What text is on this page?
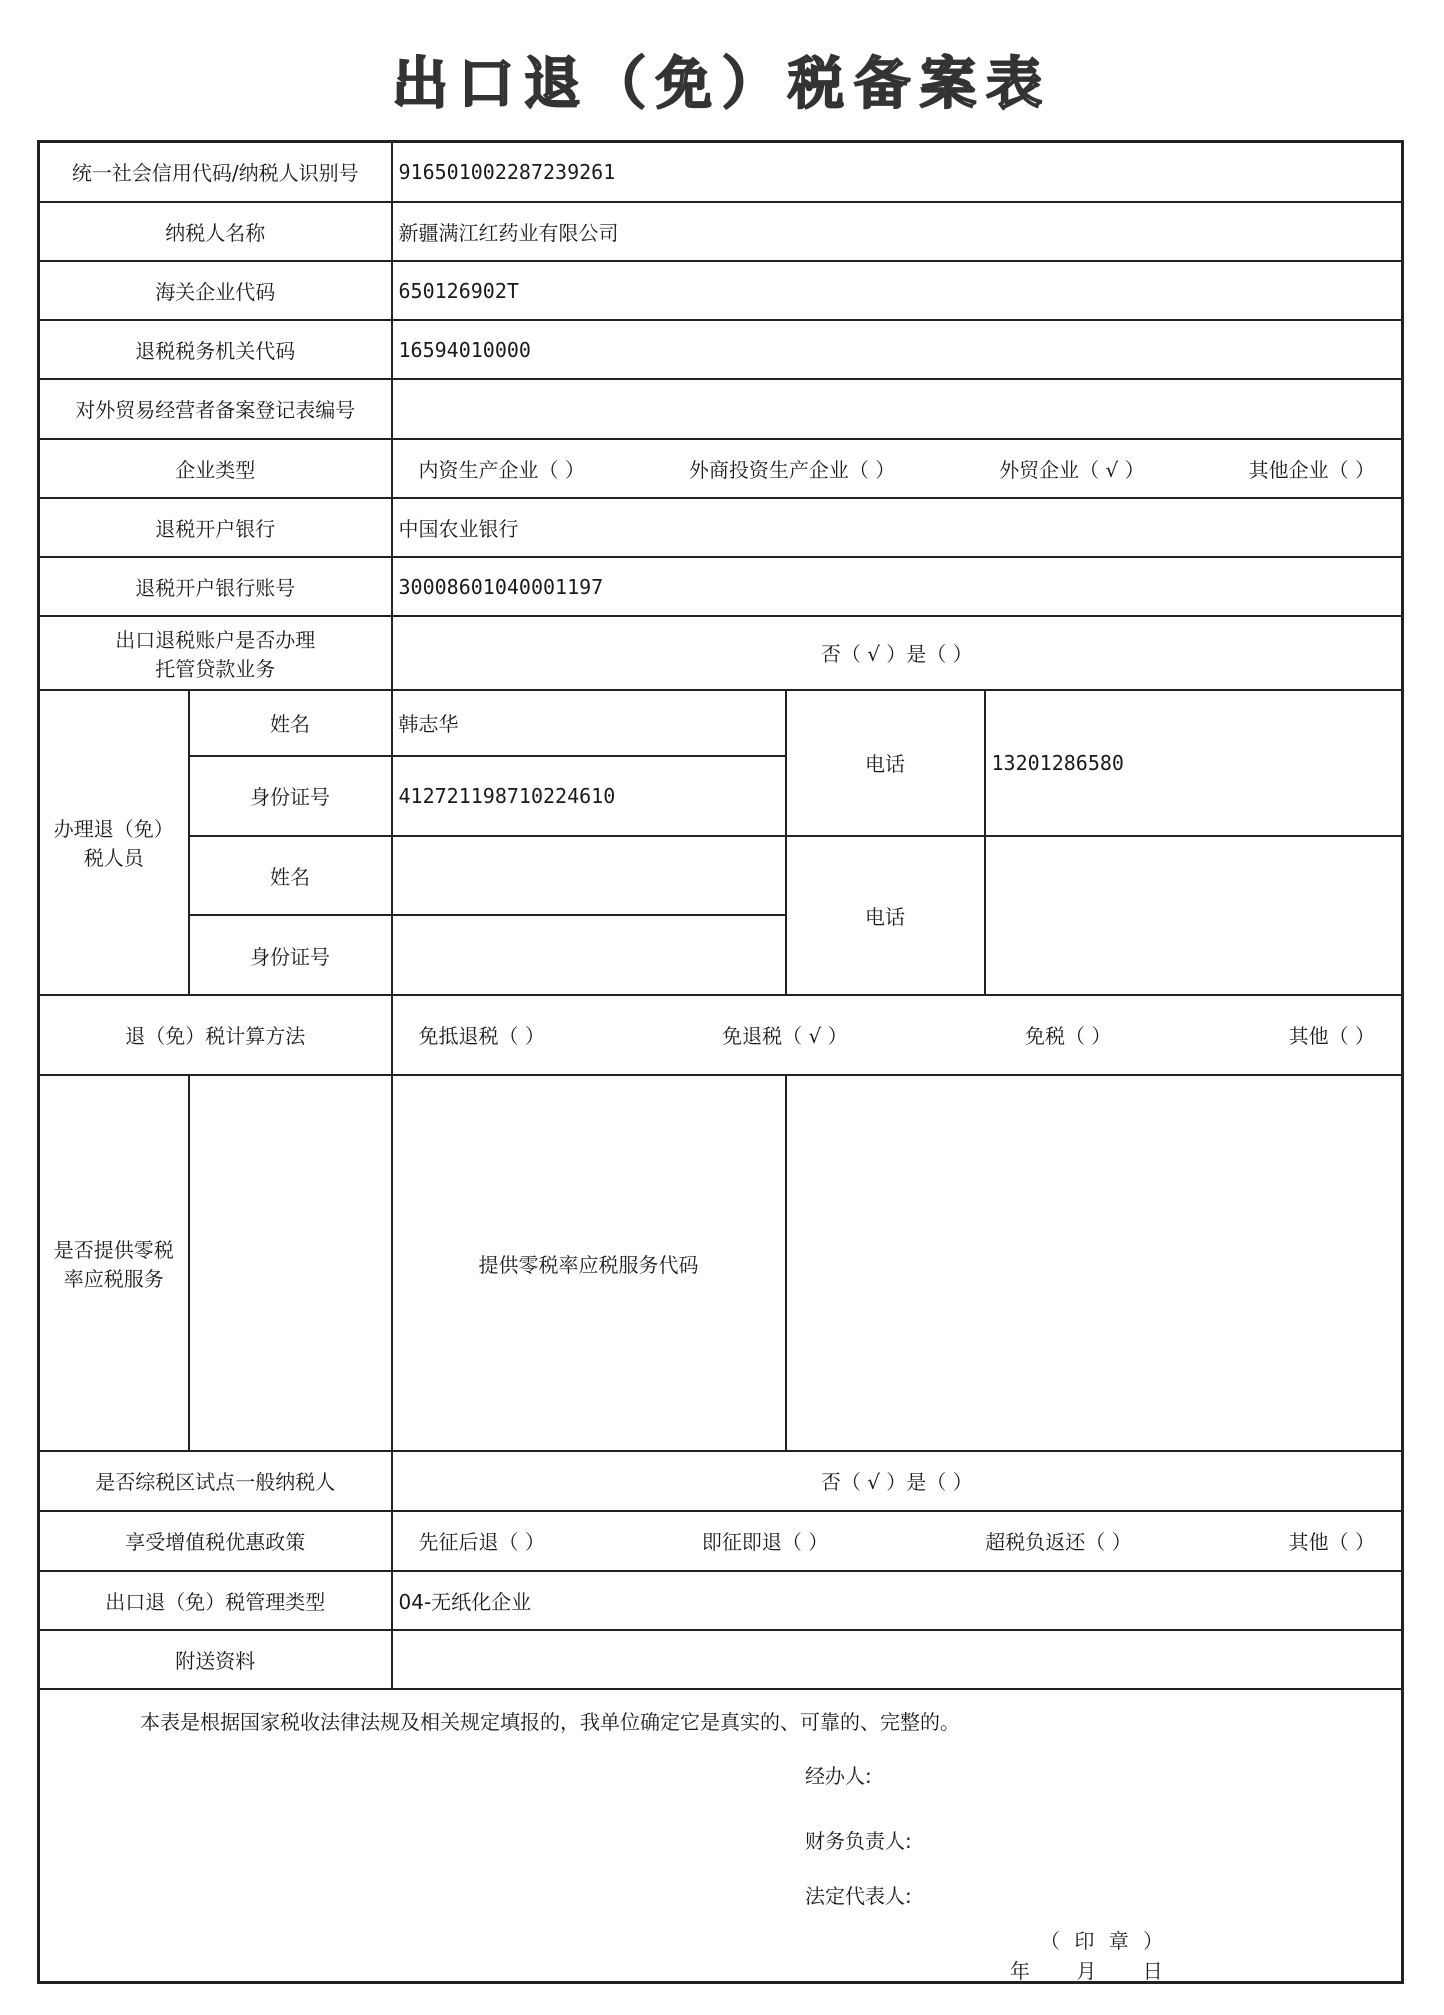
出口退（免）税备案表
统一社会信用代码/纳税人识别号		916501002287239261		
纳税人名称		新疆满江红药业有限公司		
海关企业代码		650126902T		
退税税务机关代码		16594010000		
对外贸易经营者备案登记表编号				
企业类型		内资生产企业（ ） 外商投资生产企业（ ） 外贸企业（ √ ） 其他企业（ ）		

退税开户银行		中国农业银行		
退税开户银行账号		30008601040001197		

出口退税账户是否办理
托管贷款业务		否（ √ ）是（ ）		

办理退（免）
税人员	姓名	韩志华	电话	13201286580
	身份证号	412721198710224610		
	姓名		电话	
	身份证号			
退（免）税计算方法		免抵退税（ ） 免退税（ √ ） 免税（ ） 其他（ ）		

是否提供零税
率应税服务		提供零税率应税服务代码		
是否综税区试点一般纳税人		否（ √ ）是（ ）		
享受增值税优惠政策		先征后退（ ） 即征即退（ ） 超税负返还（ ） 其他（ ）		

出口退（免）税管理类型		04-无纸化企业		
附送资料				

本表是根据国家税收法律法规及相关规定填报的，我单位确定它是真实的、可靠的、完整的。
经办人:
财务负责人:
法定代表人:
（ 印 章 ）
年 月 日
